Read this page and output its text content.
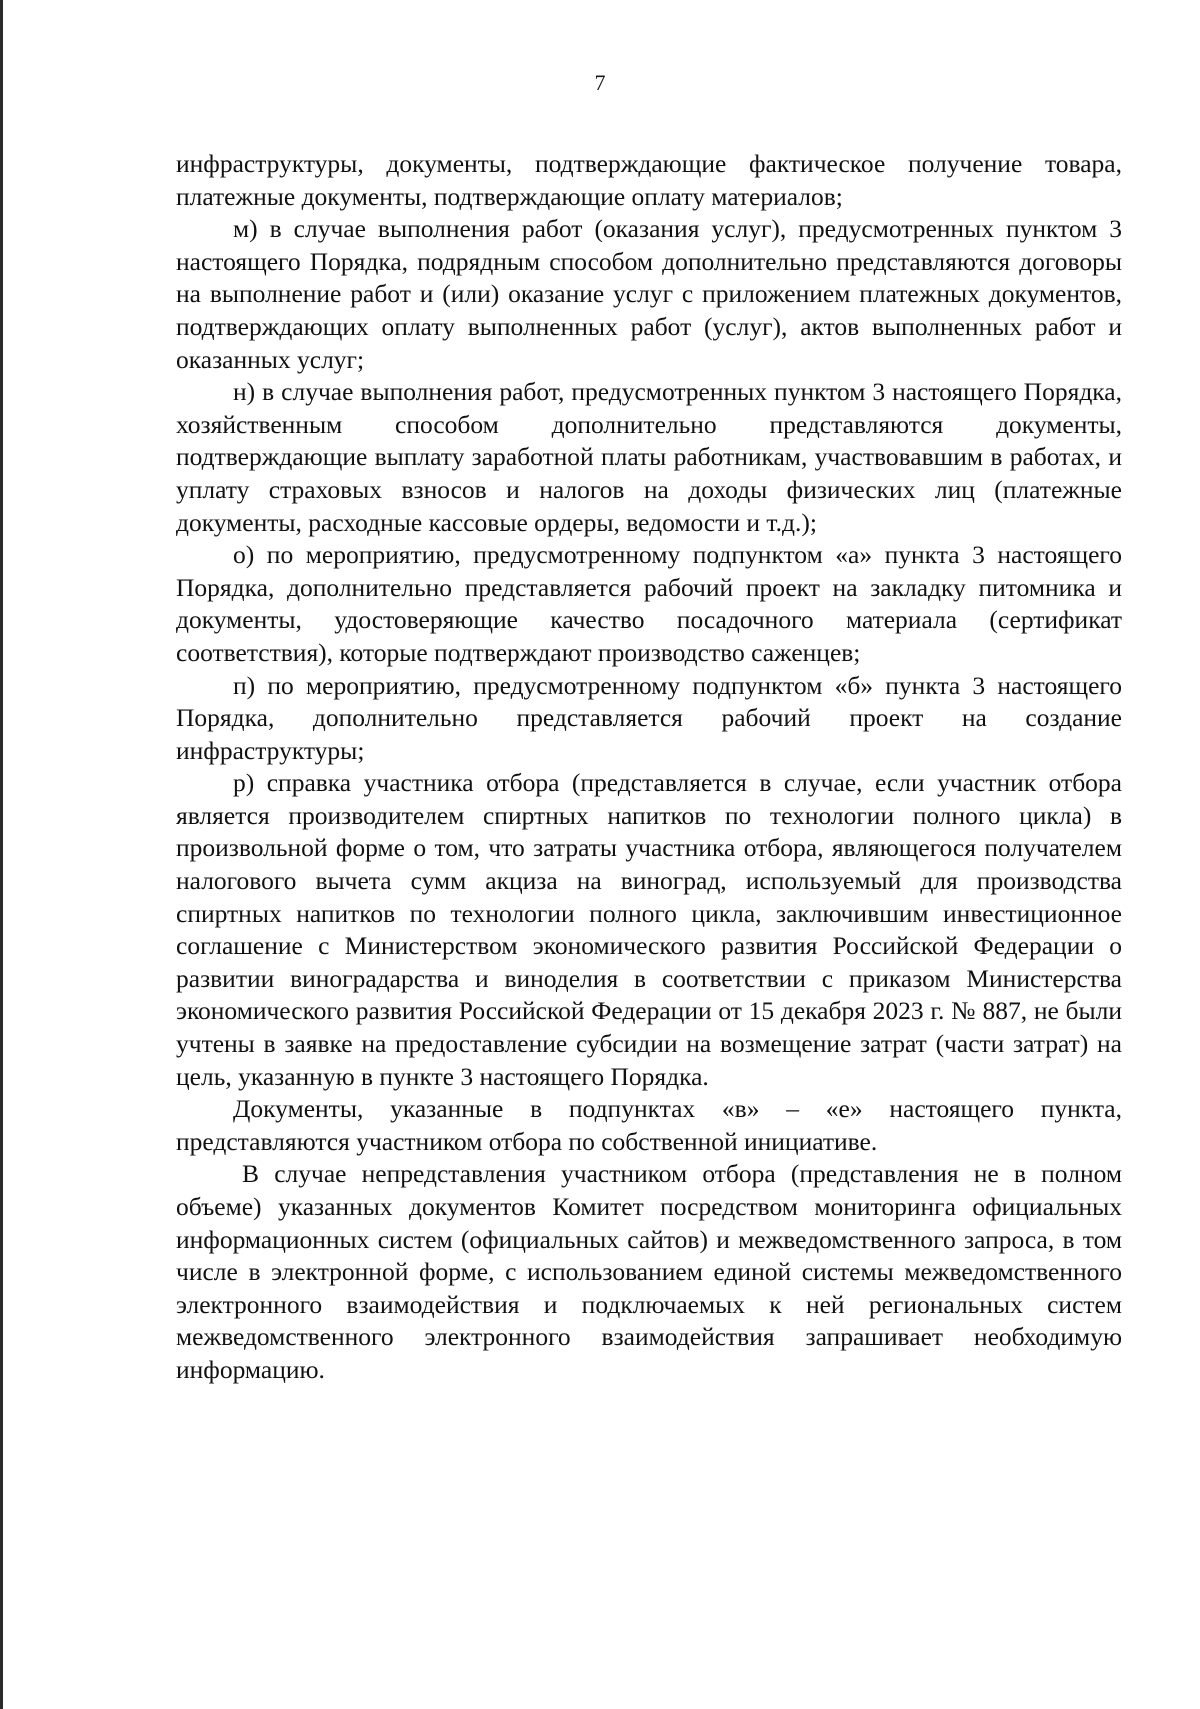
7

инфраструктуры, документы, подтверждающие фактическое получение товара, платежные документы, подтверждающие оплату материалов;

м) в случае выполнения работ (оказания услуг), предусмотренных пунктом 3 настоящего Порядка, подрядным способом дополнительно представляются договоры на выполнение работ и (или) оказание услуг с приложением платежных документов, подтверждающих оплату выполненных работ (услуг), актов выполненных работ и оказанных услуг;

н) в случае выполнения работ, предусмотренных пунктом 3 настоящего Порядка, хозяйственным способом дополнительно представляются документы, подтверждающие выплату заработной платы работникам, участвовавшим в работах, и уплату страховых взносов и налогов на доходы физических лиц (платежные документы, расходные кассовые ордеры, ведомости и т.д.);

о) по мероприятию, предусмотренному подпунктом «а» пункта 3 настоящего Порядка, дополнительно представляется рабочий проект на закладку питомника и документы, удостоверяющие качество посадочного материала (сертификат соответствия), которые подтверждают производство саженцев;

п) по мероприятию, предусмотренному подпунктом «б» пункта 3 настоящего Порядка, дополнительно представляется рабочий проект на создание инфраструктуры;

р) справка участника отбора (представляется в случае, если участник отбора является производителем спиртных напитков по технологии полного цикла) в произвольной форме о том, что затраты участника отбора, являющегося получателем налогового вычета сумм акциза на виноград, используемый для производства спиртных напитков по технологии полного цикла, заключившим инвестиционное соглашение с Министерством экономического развития Российской Федерации о развитии виноградарства и виноделия в соответствии с приказом Министерства экономического развития Российской Федерации от 15 декабря 2023 г. № 887, не были учтены в заявке на предоставление субсидии на возмещение затрат (части затрат) на цель, указанную в пункте 3 настоящего Порядка.

Документы, указанные в подпунктах «в» – «е» настоящего пункта, представляются участником отбора по собственной инициативе.

В случае непредставления участником отбора (представления не в полном объеме) указанных документов Комитет посредством мониторинга официальных информационных систем (официальных сайтов) и межведомственного запроса, в том числе в электронной форме, с использованием единой системы межведомственного электронного взаимодействия и подключаемых к ней региональных систем межведомственного электронного взаимодействия запрашивает необходимую информацию.
